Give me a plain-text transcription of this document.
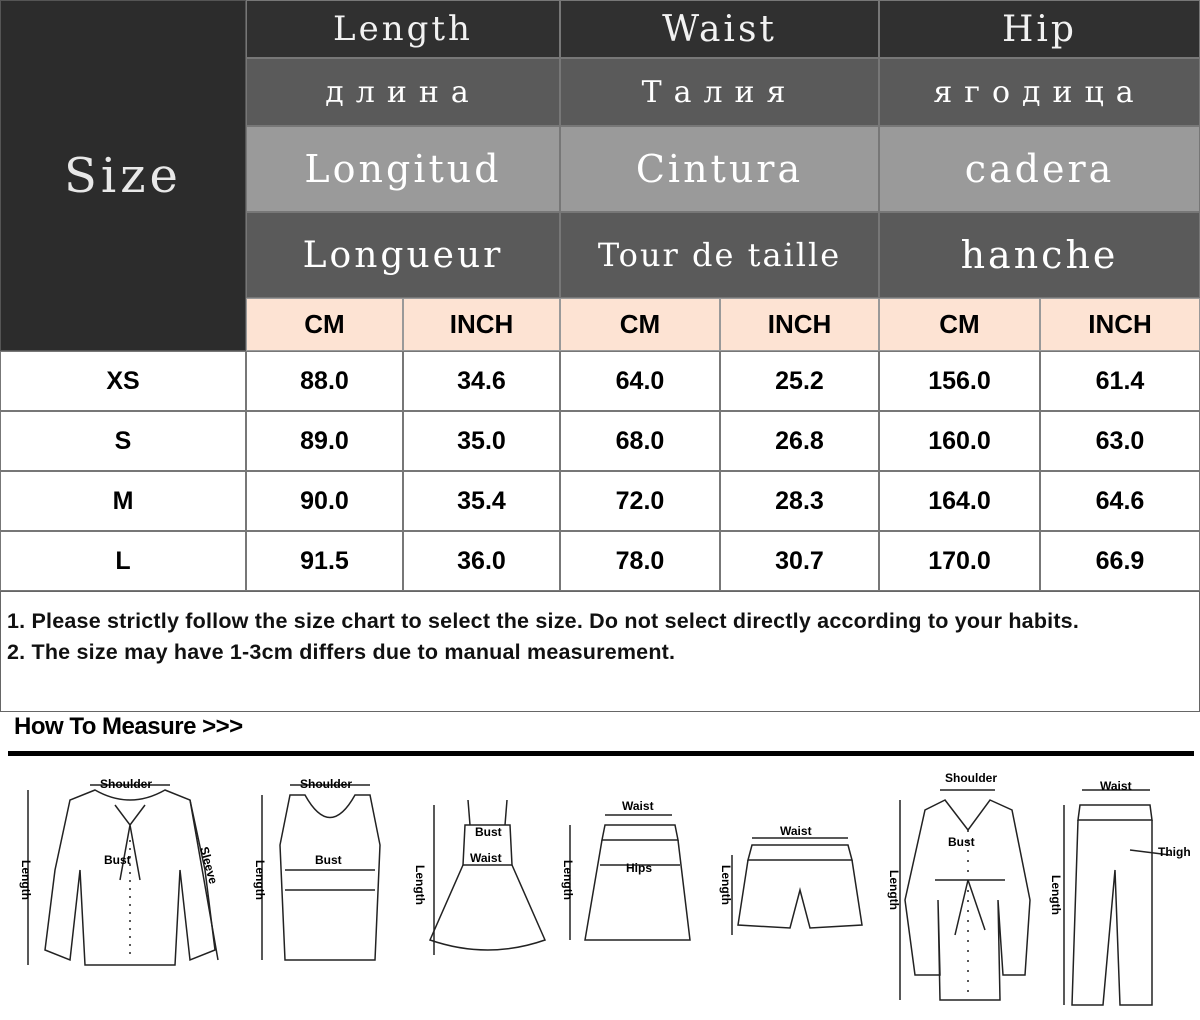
Size
Length	Waist	Hip
длина	Талия	ягодица
Longitud	Cintura	cadera
Longueur	Tour de taille	hanche
CM	INCH	CM	INCH	CM	INCH
XS	88.0	34.6	64.0	25.2	156.0	61.4
S	89.0	35.0	68.0	26.8	160.0	63.0
M	90.0	35.4	72.0	28.3	164.0	64.6
L	91.5	36.0	78.0	30.7	170.0	66.9
1. Please strictly follow the size chart to select the size. Do not select directly according to your habits.
2. The size may have 1-3cm differs due to manual measurement.
How To Measure >>>
Shoulder
Bust	Sleeve
Length
Shoulder
Bust
Length
Bust
Waist
Length
Waist
Hips
Length
Waist
Length
Shoulder
Bust
Length
Waist
Thigh
Length
